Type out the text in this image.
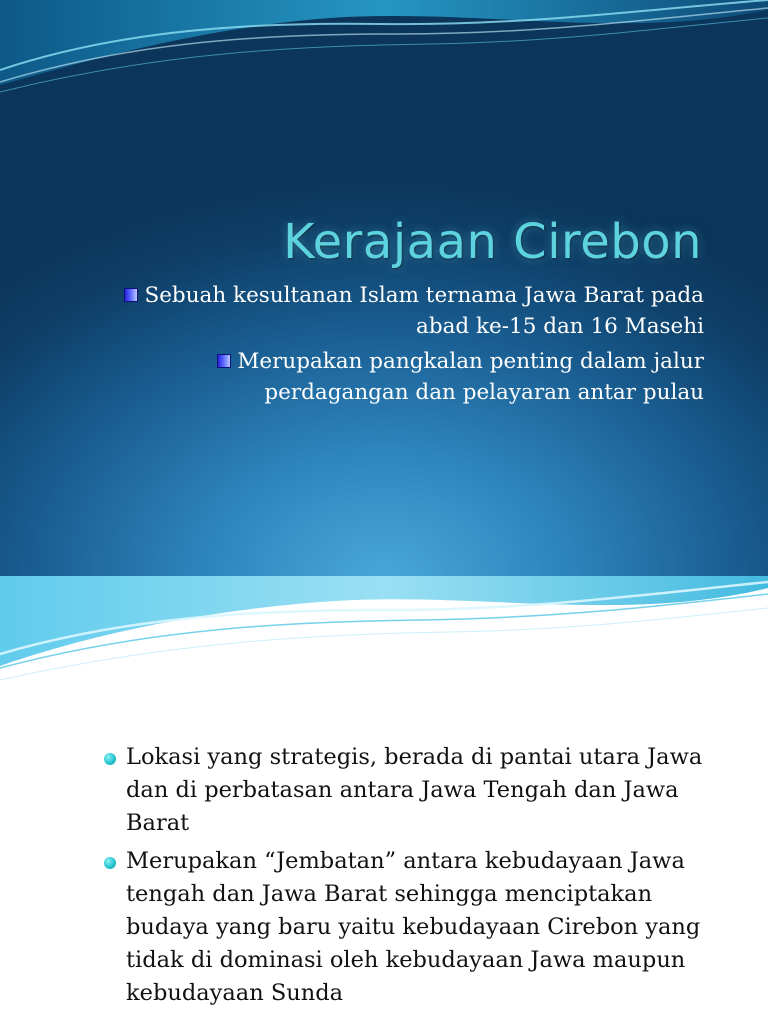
Kerajaan Cirebon
Sebuah kesultanan Islam ternama Jawa Barat pada
abad ke-15 dan 16 Masehi
Merupakan pangkalan penting dalam jalur
perdagangan dan pelayaran antar pulau
Lokasi yang strategis, berada di pantai utara Jawa
dan di perbatasan antara Jawa Tengah dan Jawa
Barat
Merupakan “Jembatan” antara kebudayaan Jawa
tengah dan Jawa Barat sehingga menciptakan
budaya yang baru yaitu kebudayaan Cirebon yang
tidak di dominasi oleh kebudayaan Jawa maupun
kebudayaan Sunda
